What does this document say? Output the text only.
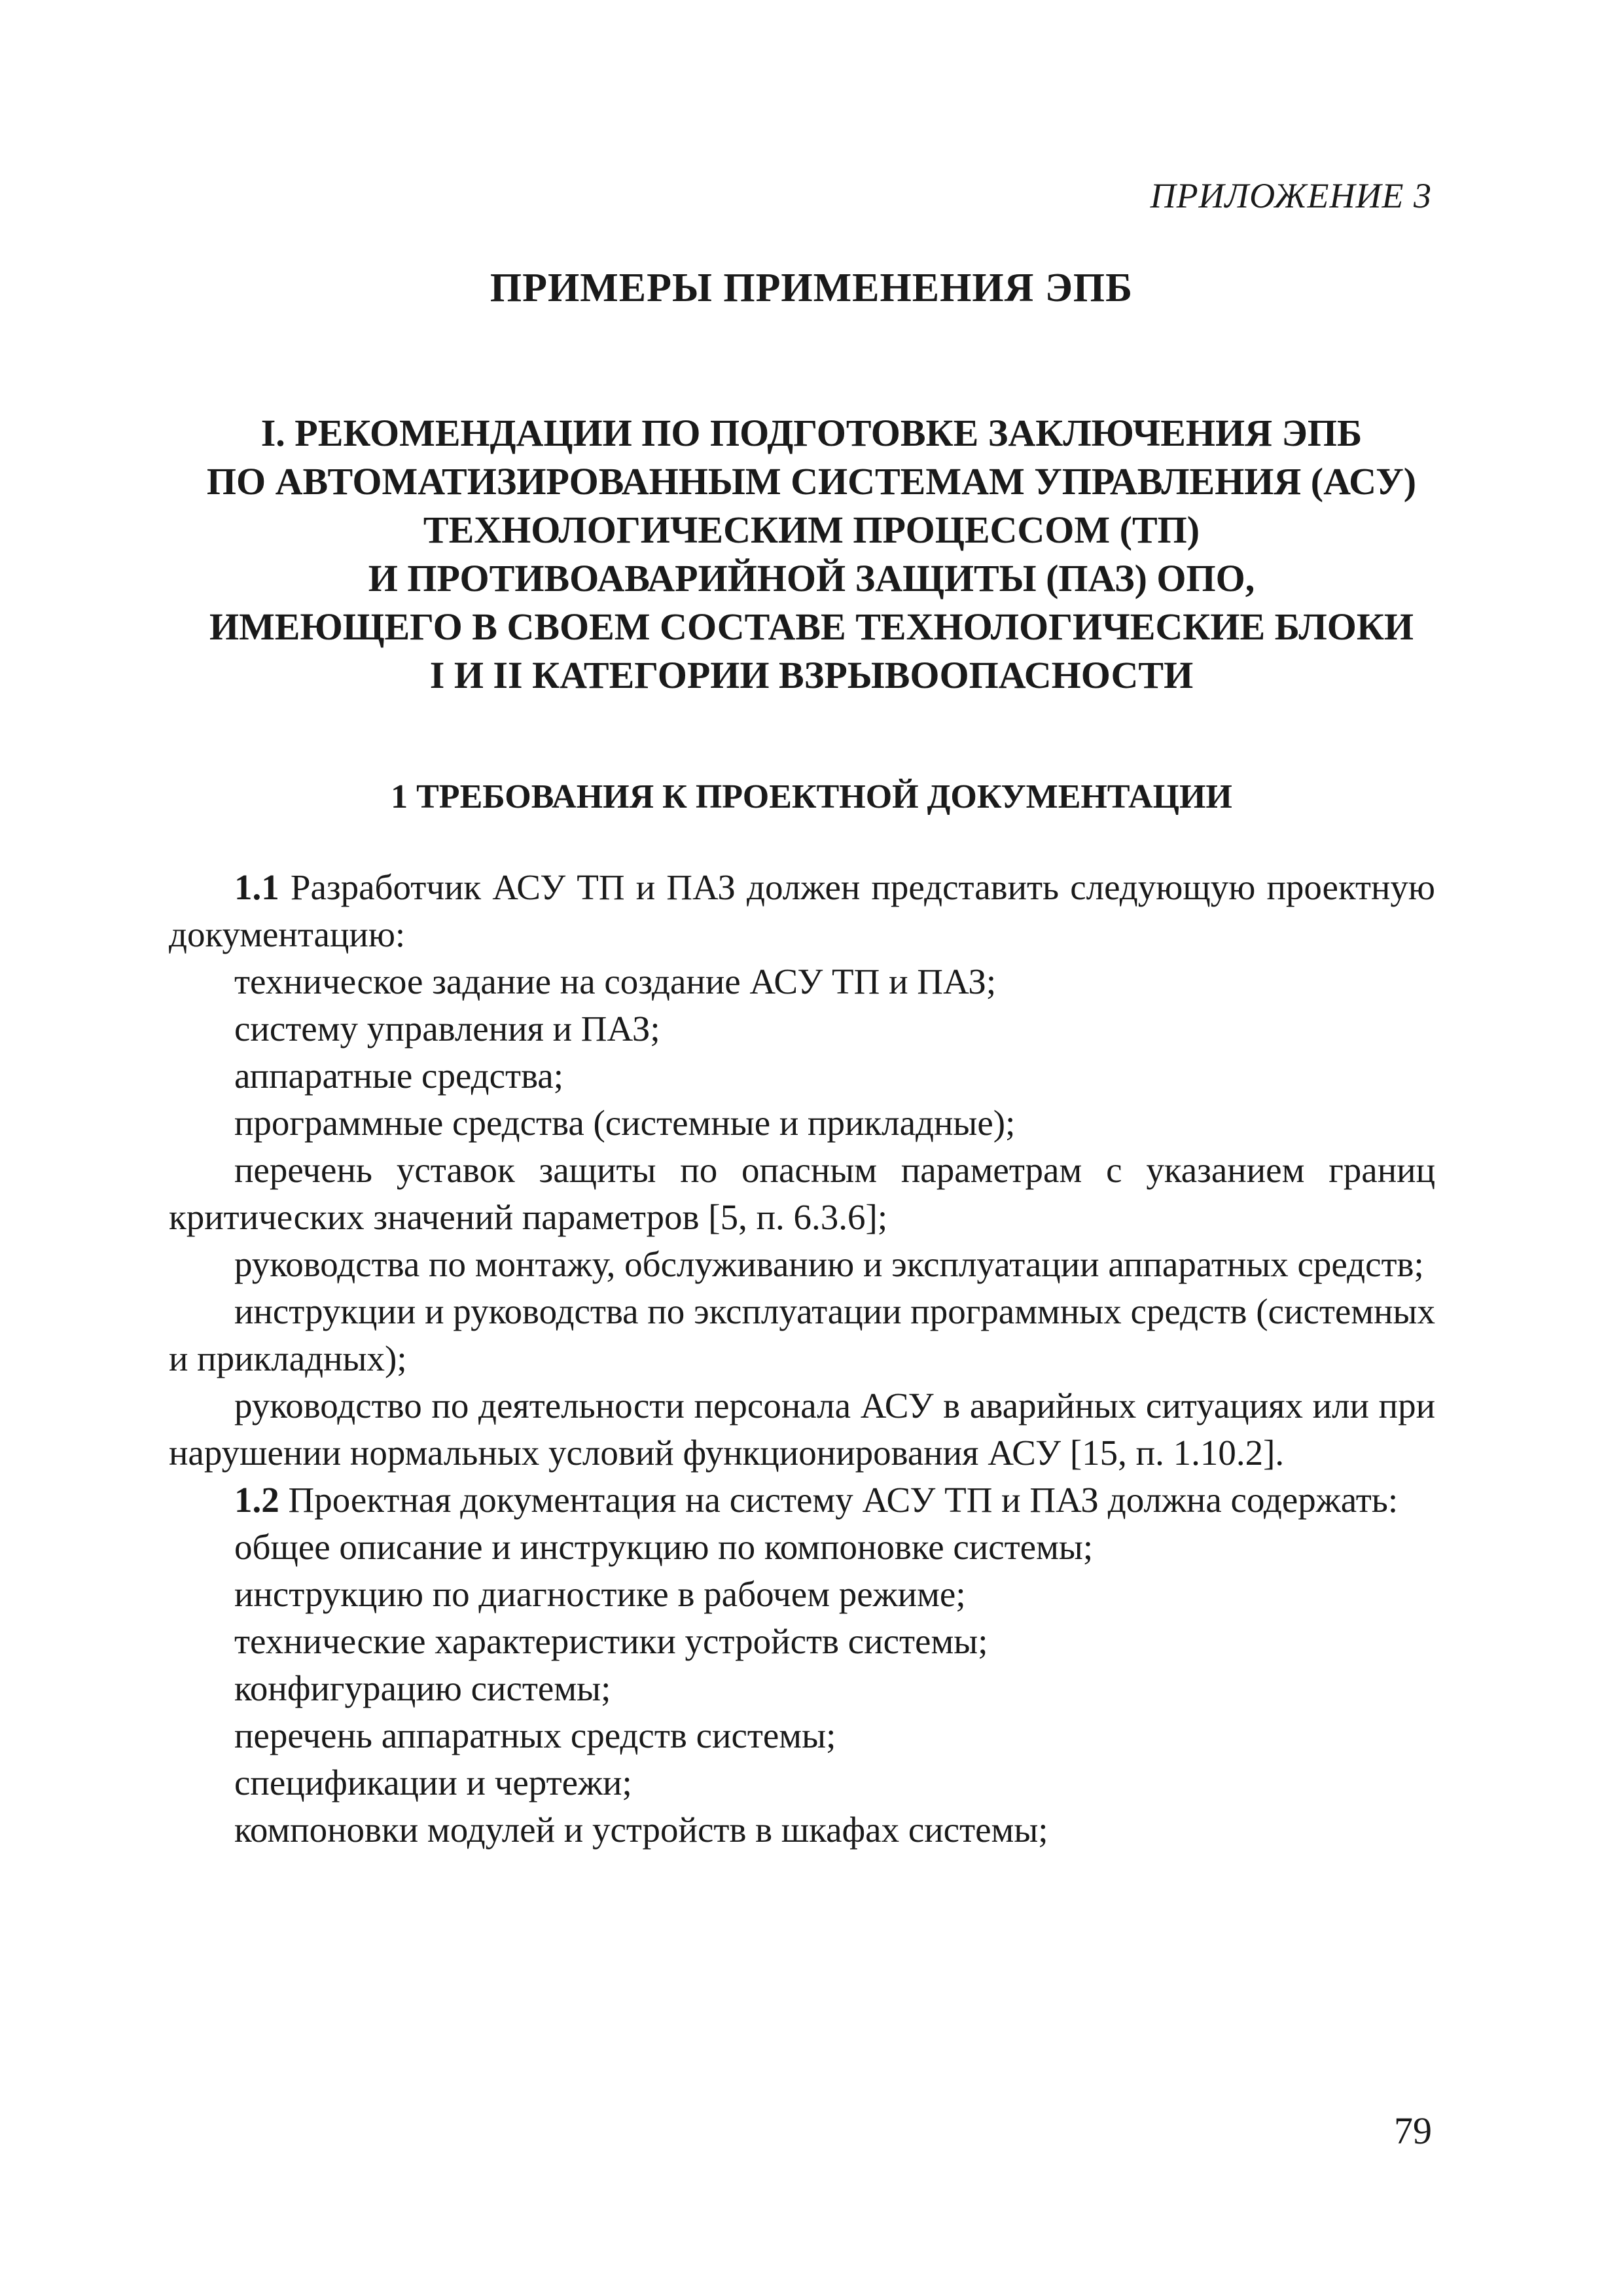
ПРИЛОЖЕНИЕ 3
ПРИМЕРЫ ПРИМЕНЕНИЯ ЭПБ
I. РЕКОМЕНДАЦИИ ПО ПОДГОТОВКЕ ЗАКЛЮЧЕНИЯ ЭПБ
ПО АВТОМАТИЗИРОВАННЫМ СИСТЕМАМ УПРАВЛЕНИЯ (АСУ)
ТЕХНОЛОГИЧЕСКИМ ПРОЦЕССОМ (ТП)
И ПРОТИВОАВАРИЙНОЙ ЗАЩИТЫ (ПАЗ) ОПО,
ИМЕЮЩЕГО В СВОЕМ СОСТАВЕ ТЕХНОЛОГИЧЕСКИЕ БЛОКИ
I И II КАТЕГОРИИ ВЗРЫВООПАСНОСТИ
1 ТРЕБОВАНИЯ К ПРОЕКТНОЙ ДОКУМЕНТАЦИИ

1.1 Разработчик АСУ ТП и ПАЗ должен представить следующую проектную документацию:

техническое задание на создание АСУ ТП и ПАЗ;

систему управления и ПАЗ;

аппаратные средства;

программные средства (системные и прикладные);

перечень уставок защиты по опасным параметрам с указанием границ критических значений параметров [5, п. 6.3.6];

руководства по монтажу, обслуживанию и эксплуатации аппаратных средств;

инструкции и руководства по эксплуатации программных средств (системных и прикладных);

руководство по деятельности персонала АСУ в аварийных ситуациях или при нарушении нормальных условий функционирования АСУ [15, п. 1.10.2].

1.2 Проектная документация на систему АСУ ТП и ПАЗ должна содержать:

общее описание и инструкцию по компоновке системы;

инструкцию по диагностике в рабочем режиме;

технические характеристики устройств системы;

конфигурацию системы;

перечень аппаратных средств системы;

спецификации и чертежи;

компоновки модулей и устройств в шкафах системы;

79
